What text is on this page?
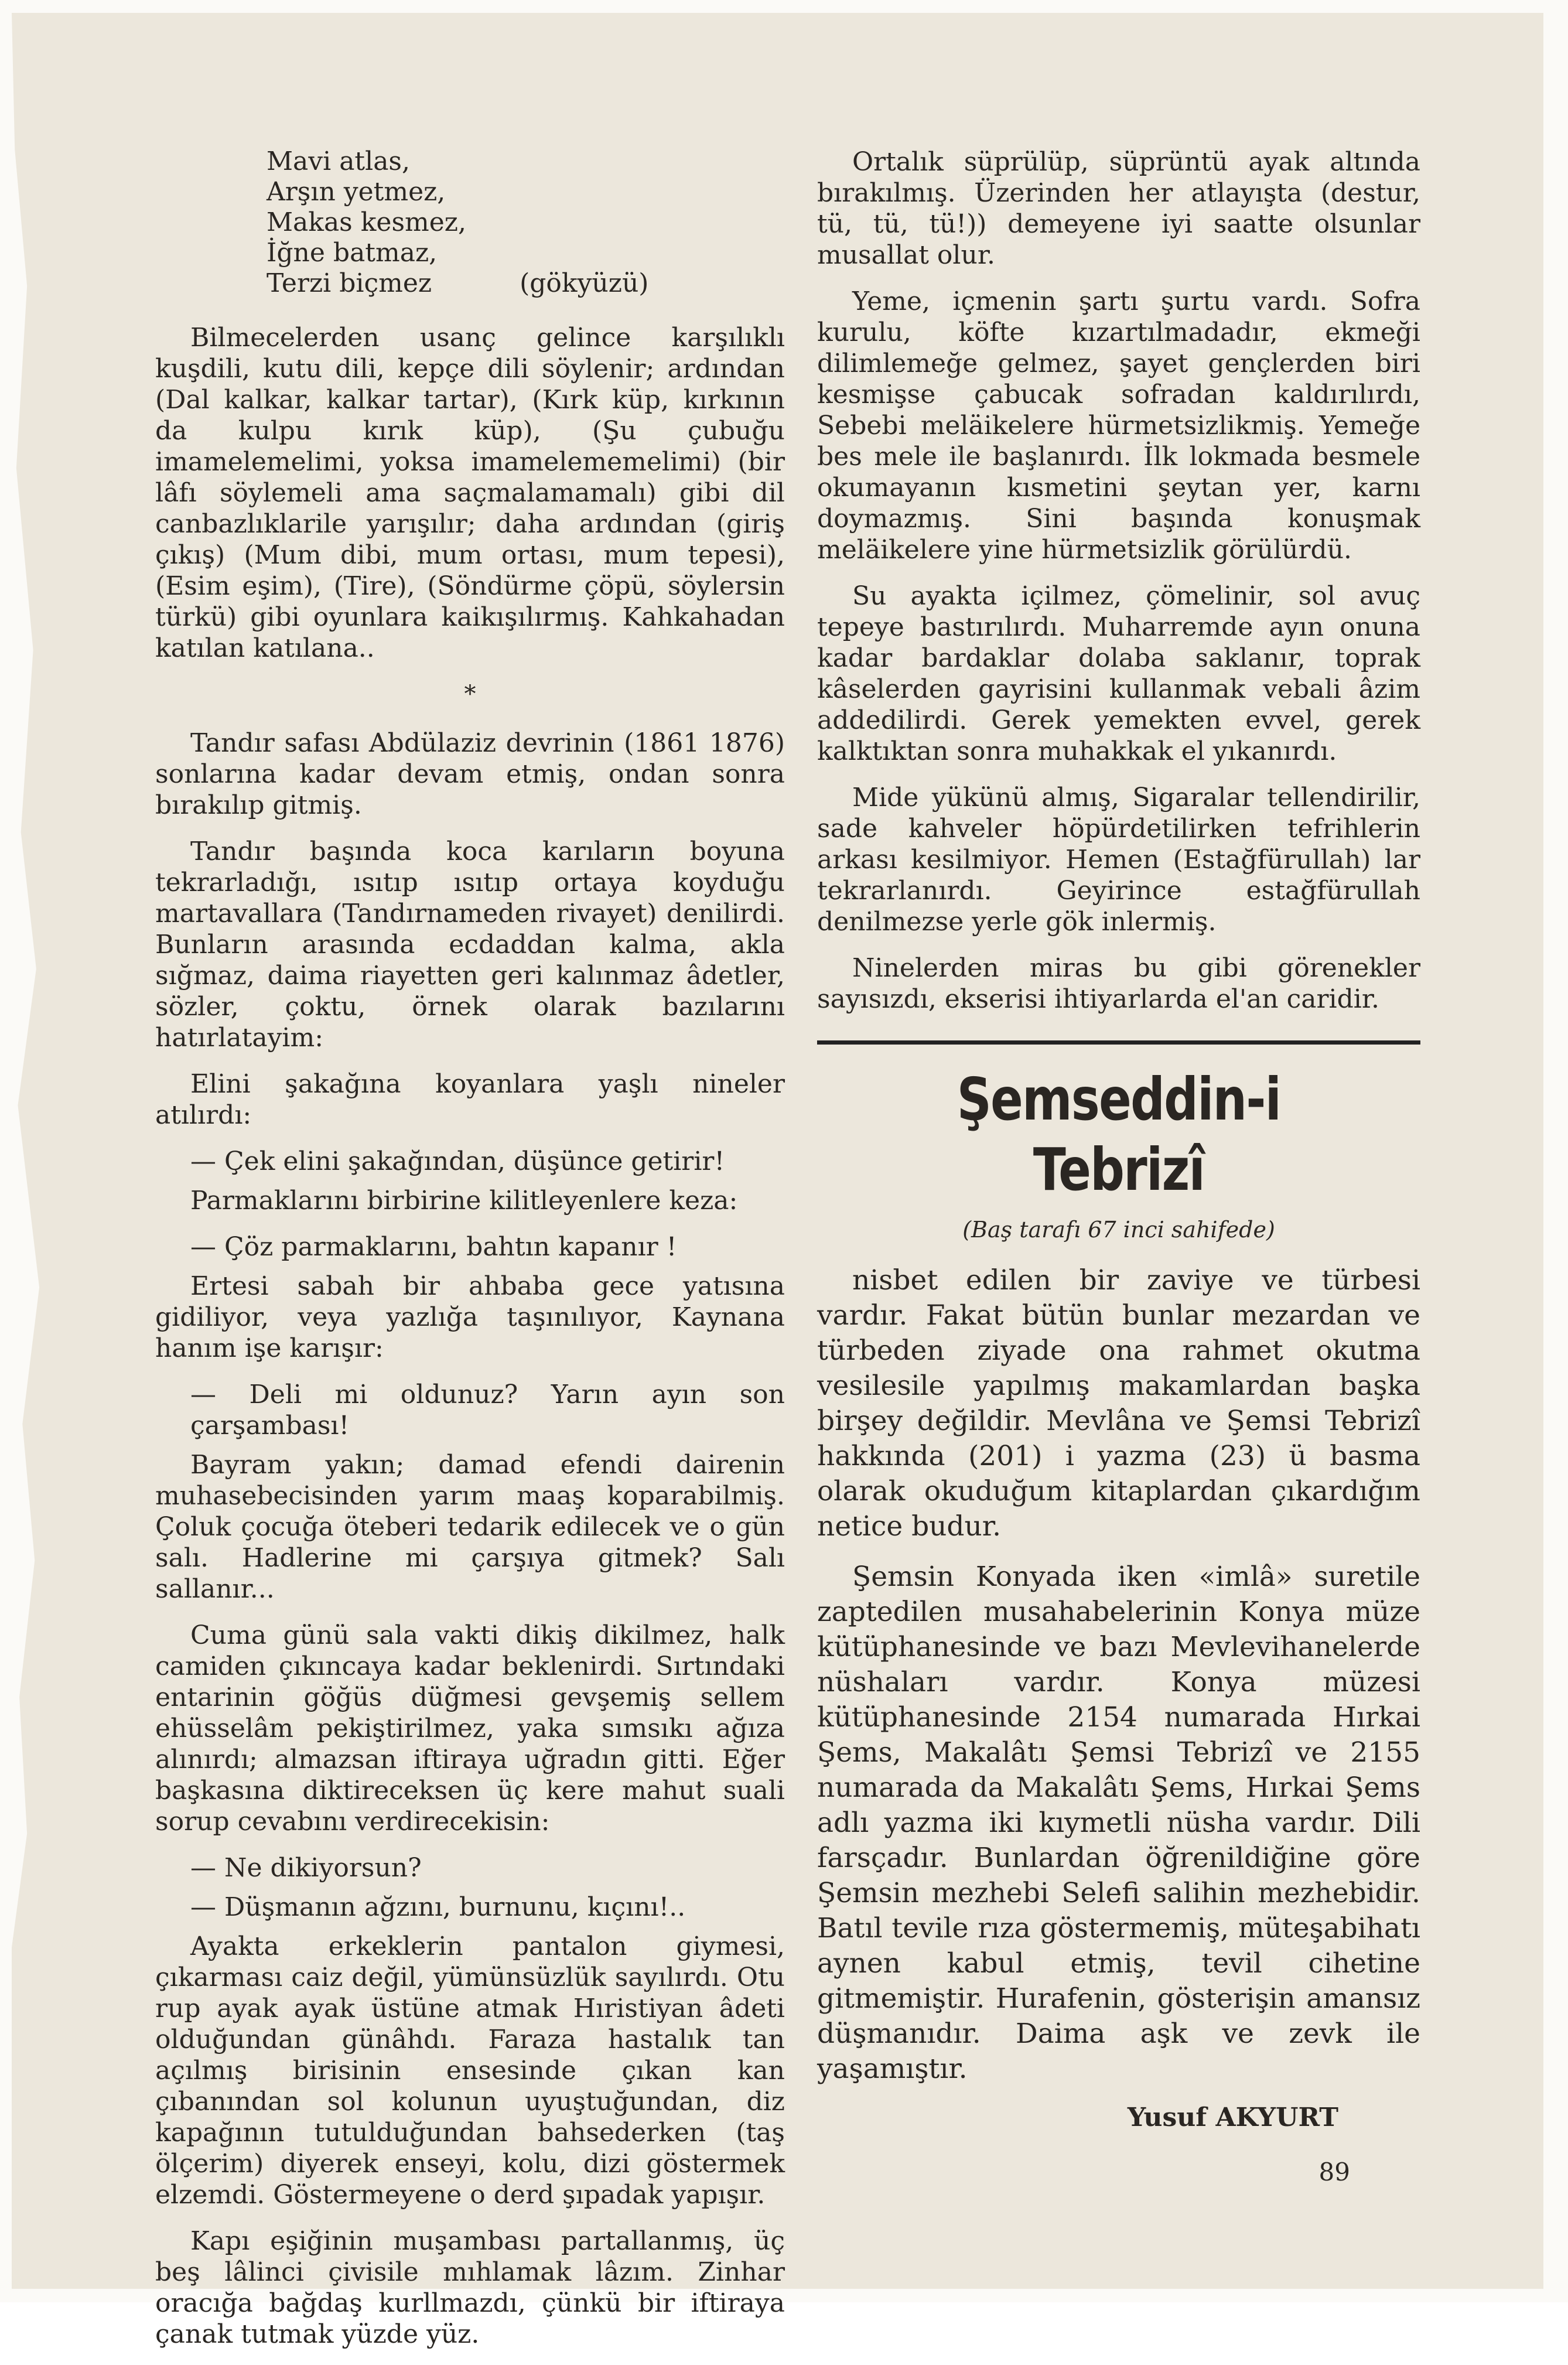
Mavi atlas,
Arşın yetmez,
Makas kesmez,
İğne batmaz,
Terzi biçmez	(gökyüzü)

Bilmecelerden usanç gelince karşılıklı kuşdili, kutu dili, kepçe dili söylenir; ardından (Dal kalkar, kalkar tartar), (Kırk küp, kırkının da kulpu kırık küp), (Şu çubuğu imamelemelimi, yoksa imamelememelimi) (bir lâfı söylemeli ama saçmalamamalı) gibi dil canbazlıklarile yarışılır; daha ardından (giriş çıkış) (Mum dibi, mum ortası, mum tepesi), (Esim eşim), (Tire), (Söndürme çöpü, söylersin türkü) gibi oyunlara kaikışılırmış. Kahkahadan katılan katılana..

*

Tandır safası Abdülaziz devrinin (1861 1876) sonlarına kadar devam etmiş, ondan sonra bırakılıp gitmiş.

Tandır başında koca karıların boyuna tekrarladığı, ısıtıp ısıtıp ortaya koyduğu martavallara (Tandırnameden rivayet) denilirdi. Bunların arasında ecdaddan kalma, akla sığmaz, daima riayetten geri kalınmaz âdetler, sözler, çoktu, örnek olarak bazılarını hatırlatayim:

Elini şakağına koyanlara yaşlı nineler atılırdı:

— Çek elini şakağından, düşünce getirir!

Parmaklarını birbirine kilitleyenlere keza:

— Çöz parmaklarını, bahtın kapanır !

Ertesi sabah bir ahbaba gece yatısına gidiliyor, veya yazlığa taşınılıyor, Kaynana hanım işe karışır:

— Deli mi oldunuz? Yarın ayın son çarşambası!

Bayram yakın; damad efendi dairenin muhasebecisinden yarım maaş koparabilmiş. Çoluk çocuğa öteberi tedarik edilecek ve o gün salı. Hadlerine mi çarşıya gitmek? Salı sallanır...

Cuma günü sala vakti dikiş dikilmez, halk camiden çıkıncaya kadar beklenirdi. Sırtındaki entarinin göğüs düğmesi gevşemiş sellem ehüsselâm pekiştirilmez, yaka sımsıkı ağıza alınırdı; almazsan iftiraya uğradın gitti. Eğer başkasına diktireceksen üç kere mahut suali sorup cevabını verdirecekisin:

— Ne dikiyorsun?

— Düşmanın ağzını, burnunu, kıçını!..

Ayakta erkeklerin pantalon giymesi, çıkarması caiz değil, yümünsüzlük sayılırdı. Otu rup ayak ayak üstüne atmak Hıristiyan âdeti olduğundan günâhdı. Faraza hastalık tan açılmış birisinin ensesinde çıkan kan çıbanından sol kolunun uyuştuğundan, diz kapağının tutulduğundan bahsederken (taş ölçerim) diyerek enseyi, kolu, dizi göstermek elzemdi. Göstermeyene o derd şıpadak yapışır.

Kapı eşiğinin muşambası partallanmış, üç beş lâlinci çivisile mıhlamak lâzım. Zinhar oracığa bağdaş kurllmazdı, çünkü bir iftiraya çanak tutmak yüzde yüz.

Ortalık süprülüp, süprüntü ayak altında bırakılmış. Üzerinden her atlayışta (destur, tü, tü, tü!)) demeyene iyi saatte olsunlar musallat olur.

Yeme, içmenin şartı şurtu vardı. Sofra kurulu, köfte kızartılmadadır, ekmeği dilimlemeğe gelmez, şayet gençlerden biri kesmişse çabucak sofradan kaldırılırdı, Sebebi meläikelere hürmetsizlikmiş. Yemeğe bes mele ile başlanırdı. İlk lokmada besmele okumayanın kısmetini şeytan yer, karnı doymazmış. Sini başında konuşmak meläikelere yine hürmetsizlik görülürdü.

Su ayakta içilmez, çömelinir, sol avuç tepeye bastırılırdı. Muharremde ayın onuna kadar bardaklar dolaba saklanır, toprak kâselerden gayrisini kullanmak vebali âzim addedilirdi. Gerek yemekten evvel, gerek kalktıktan sonra muhakkak el yıkanırdı.

Mide yükünü almış, Sigaralar tellendirilir, sade kahveler höpürdetilirken tefrihlerin arkası kesilmiyor. Hemen (Estağfürullah) lar tekrarlanırdı. Geyirince estağfürullah denilmezse yerle gök inlermiş.

Ninelerden miras bu gibi görenekler sayısızdı, ekserisi ihtiyarlarda el'an caridir.

Şemseddin-i Tebrizî
(Baş tarafı 67 inci sahifede)

nisbet edilen bir zaviye ve türbesi vardır. Fakat bütün bunlar mezardan ve türbeden ziyade ona rahmet okutma vesilesile yapılmış makamlardan başka birşey değildir. Mevlâna ve Şemsi Tebrizî hakkında (201) i yazma (23) ü basma olarak okuduğum kitaplardan çıkardığım netice budur.

Şemsin Konyada iken «imlâ» suretile zaptedilen musahabelerinin Konya müze kütüphanesinde ve bazı Mevlevihanelerde nüshaları vardır. Konya müzesi kütüphanesinde 2154 numarada Hırkai Şems, Makalâtı Şemsi Tebrizî ve 2155 numarada da Makalâtı Şems, Hırkai Şems adlı yazma iki kıymetli nüsha vardır. Dili farsçadır. Bunlardan öğrenildiğine göre Şemsin mezhebi Selefi salihin mezhebidir. Batıl tevile rıza göstermemiş, müteşabihatı aynen kabul etmiş, tevil cihetine gitmemiştir. Hurafenin, gösterişin amansız düşmanıdır. Daima aşk ve zevk ile yaşamıştır.

Yusuf AKYURT
89
